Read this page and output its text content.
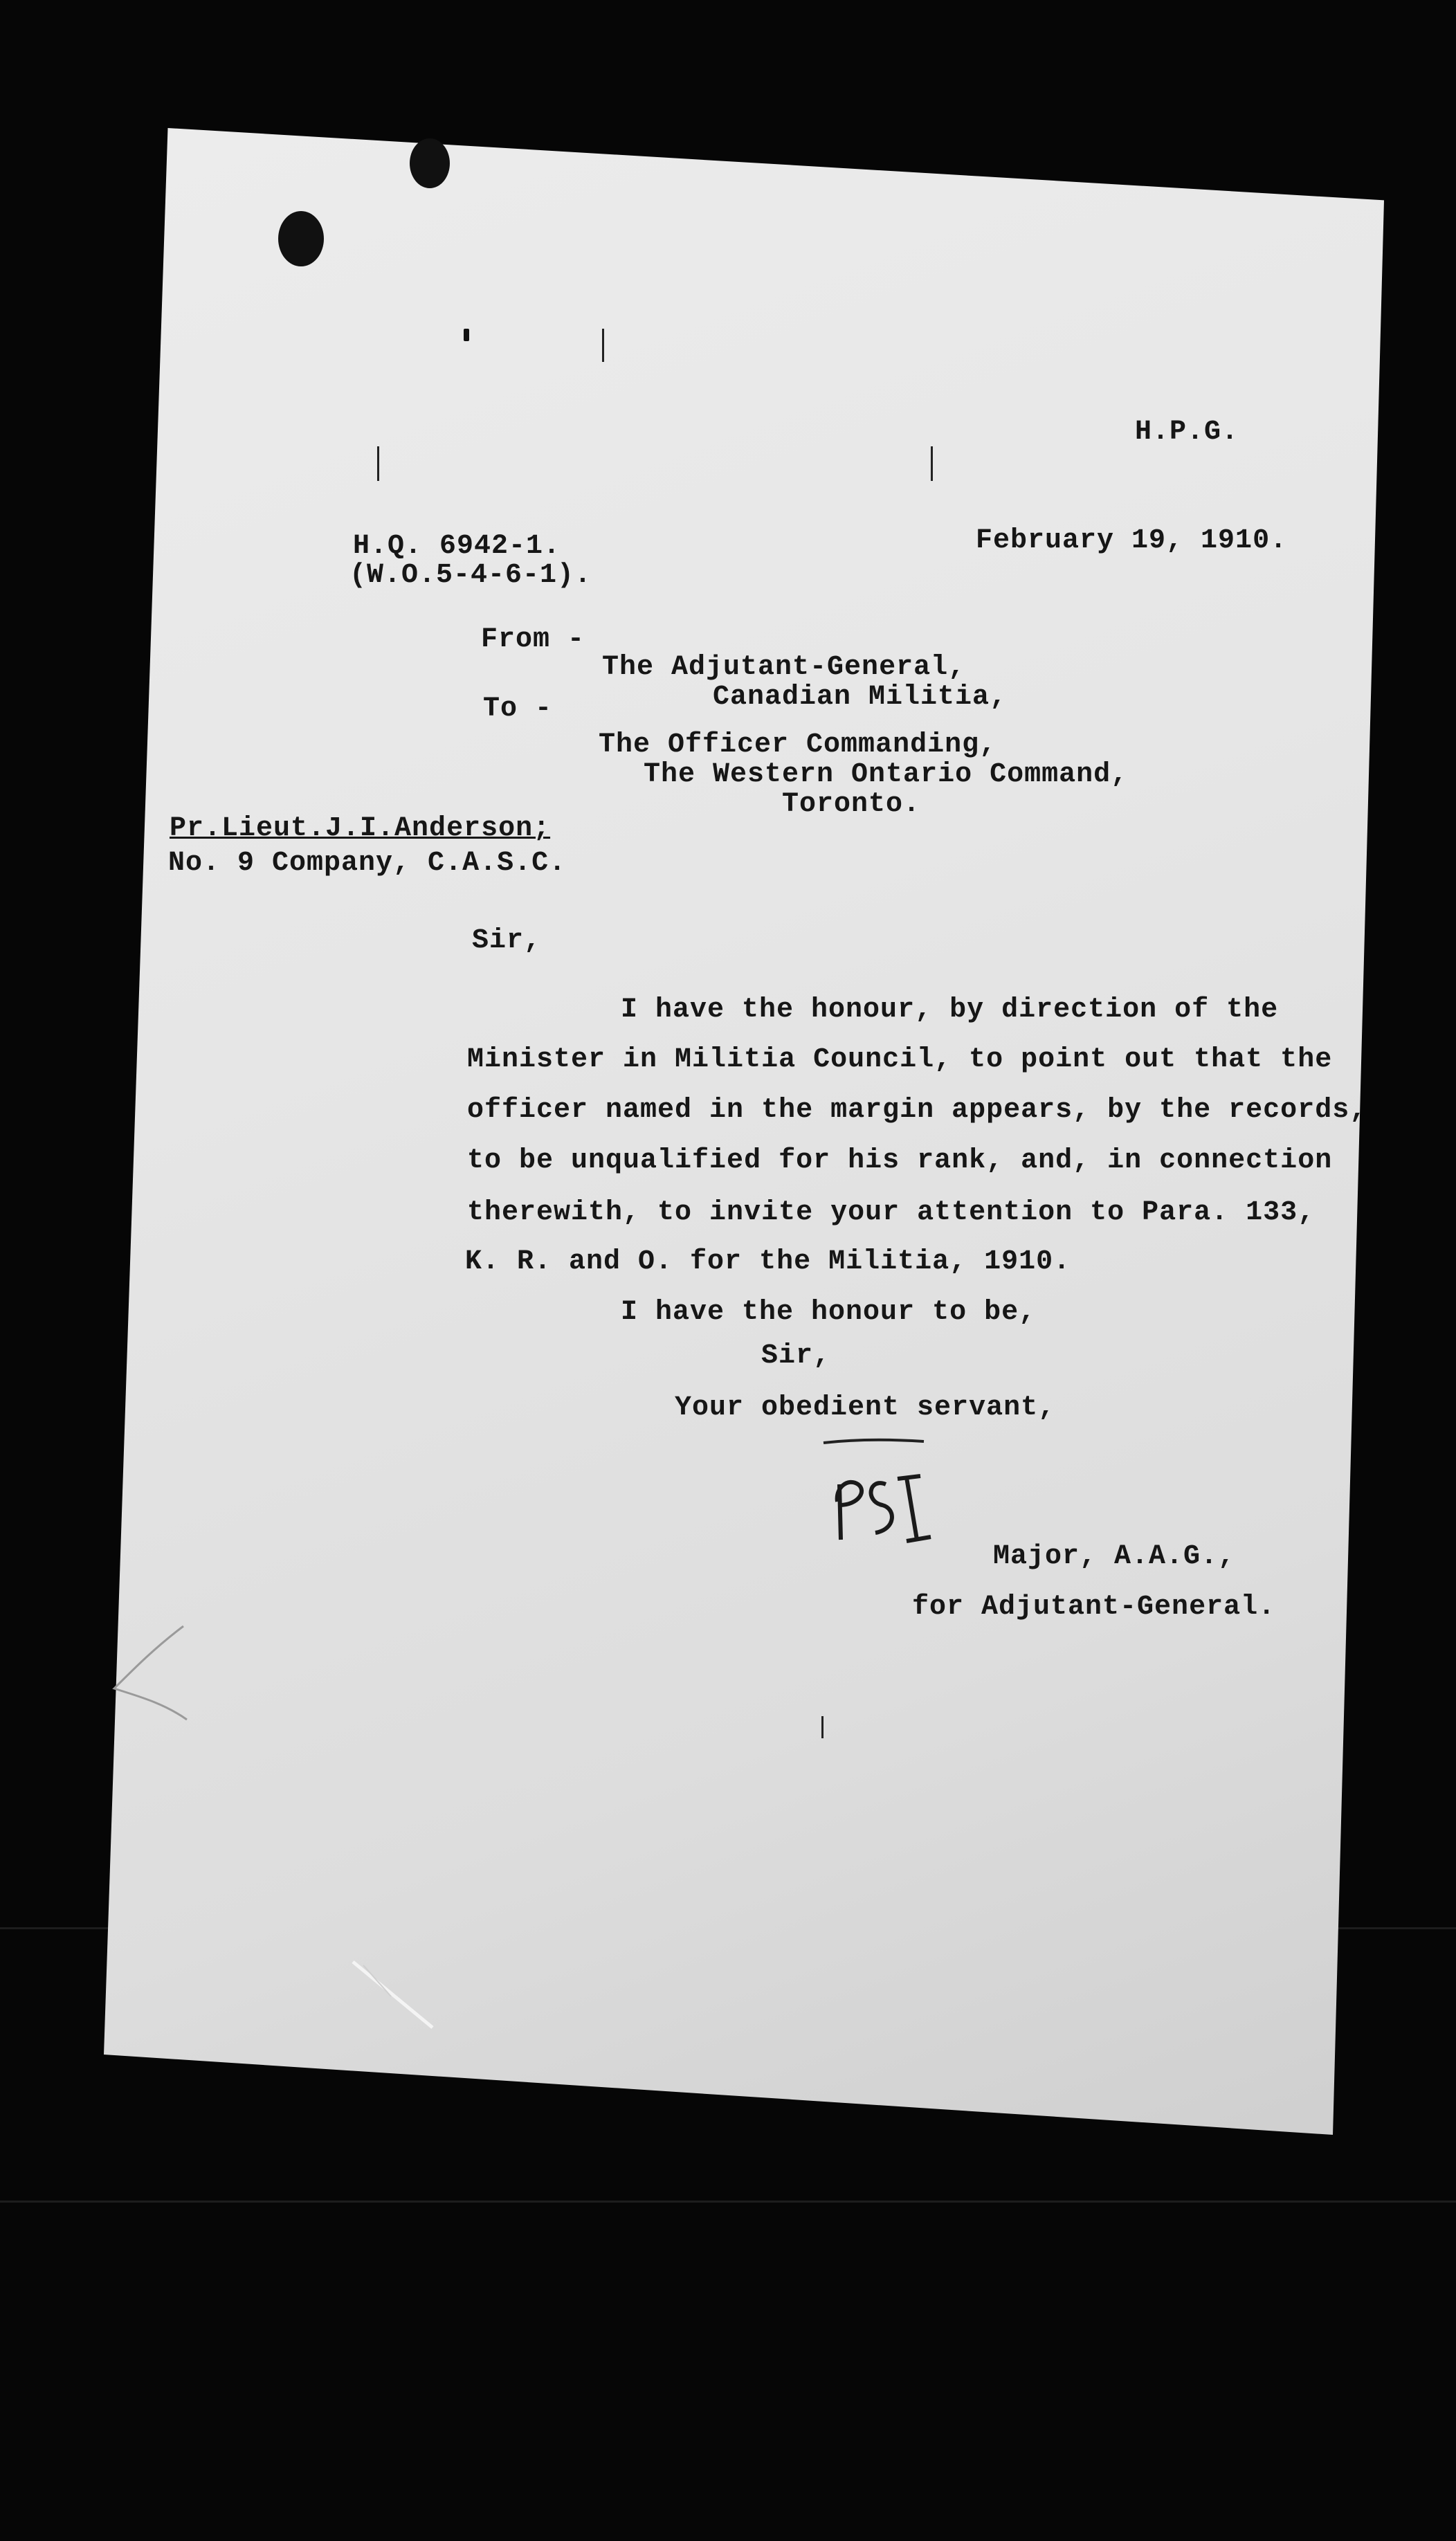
H.P.G.
H.Q. 6942-1.
(W.O.5-4-6-1).
February 19, 1910.
From -
The Adjutant-General,
Canadian Militia,
To -
The Officer Commanding,
The Western Ontario Command,
Toronto.
Pr.Lieut.J.I.Anderson;
No. 9 Company, C.A.S.C.
Sir,
I have the honour, by direction of the
Minister in Militia Council, to point out that the
officer named in the margin appears, by the records,
to be unqualified for his rank, and, in connection
therewith, to invite your attention to Para. 133,
K. R. and O. for the Militia, 1910.
I have the honour to be,
Sir,
Your obedient servant,
Major, A.A.G.,
for Adjutant-General.
